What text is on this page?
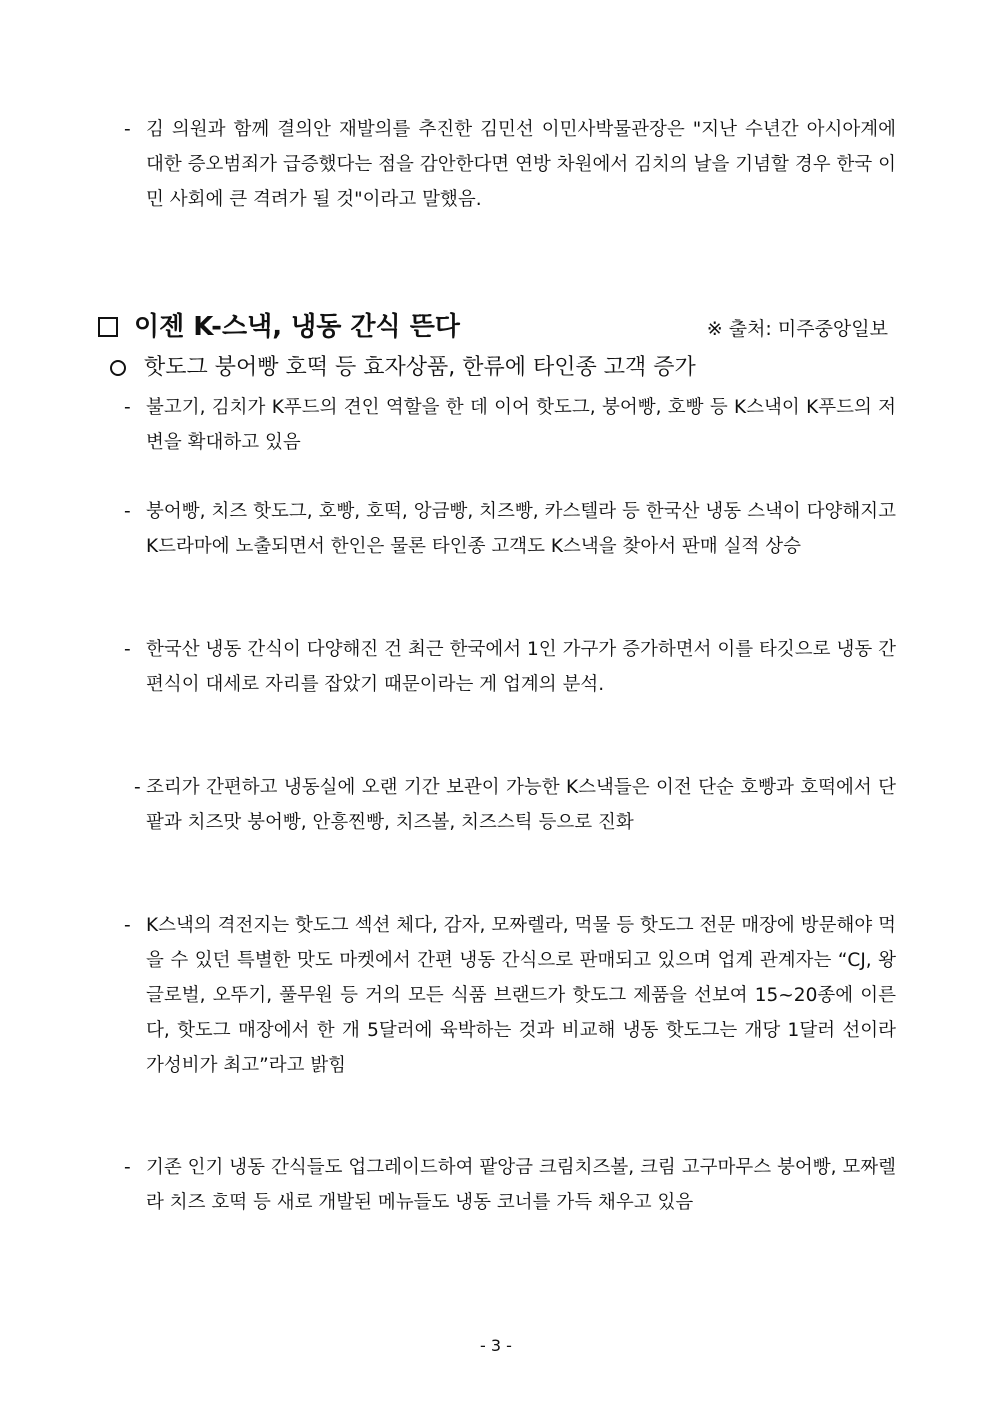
- 김 의원과 함께 결의안 재발의를 추진한 김민선 이민사박물관장은 "지난 수년간 아시아계에 대한 증오범죄가 급증했다는 점을 감안한다면 연방 차원에서 김치의 날을 기념할 경우 한국 이민 사회에 큰 격려가 될 것"이라고 말했음.
이젠 K-스낵, 냉동 간식 뜬다	※ 출처: 미주중앙일보
핫도그 붕어빵 호떡 등 효자상품, 한류에 타인종 고객 증가
- 불고기, 김치가 K푸드의 견인 역할을 한 데 이어 핫도그, 붕어빵, 호빵 등 K스낵이 K푸드의 저변을 확대하고 있음
- 붕어빵, 치즈 핫도그, 호빵, 호떡, 앙금빵, 치즈빵, 카스텔라 등 한국산 냉동 스낵이 다양해지고 K드라마에 노출되면서 한인은 물론 타인종 고객도 K스낵을 찾아서 판매 실적 상승
- 한국산 냉동 간식이 다양해진 건 최근 한국에서 1인 가구가 증가하면서 이를 타깃으로 냉동 간편식이 대세로 자리를 잡았기 때문이라는 게 업계의 분석.
- 조리가 간편하고 냉동실에 오랜 기간 보관이 가능한 K스낵들은 이전 단순 호빵과 호떡에서 단팥과 치즈맛 붕어빵, 안흥찐빵, 치즈볼, 치즈스틱 등으로 진화
- K스낵의 격전지는 핫도그 섹션 체다, 감자, 모짜렐라, 먹물 등 핫도그 전문 매장에 방문해야 먹을 수 있던 특별한 맛도 마켓에서 간편 냉동 간식으로 판매되고 있으며 업계 관계자는 “CJ, 왕글로벌, 오뚜기, 풀무원 등 거의 모든 식품 브랜드가 핫도그 제품을 선보여 15~20종에 이른다, 핫도그 매장에서 한 개 5달러에 육박하는 것과 비교해 냉동 핫도그는 개당 1달러 선이라 가성비가 최고”라고 밝힘
- 기존 인기 냉동 간식들도 업그레이드하여 팥앙금 크림치즈볼, 크림 고구마무스 붕어빵, 모짜렐라 치즈 호떡 등 새로 개발된 메뉴들도 냉동 코너를 가득 채우고 있음
- 3 -
